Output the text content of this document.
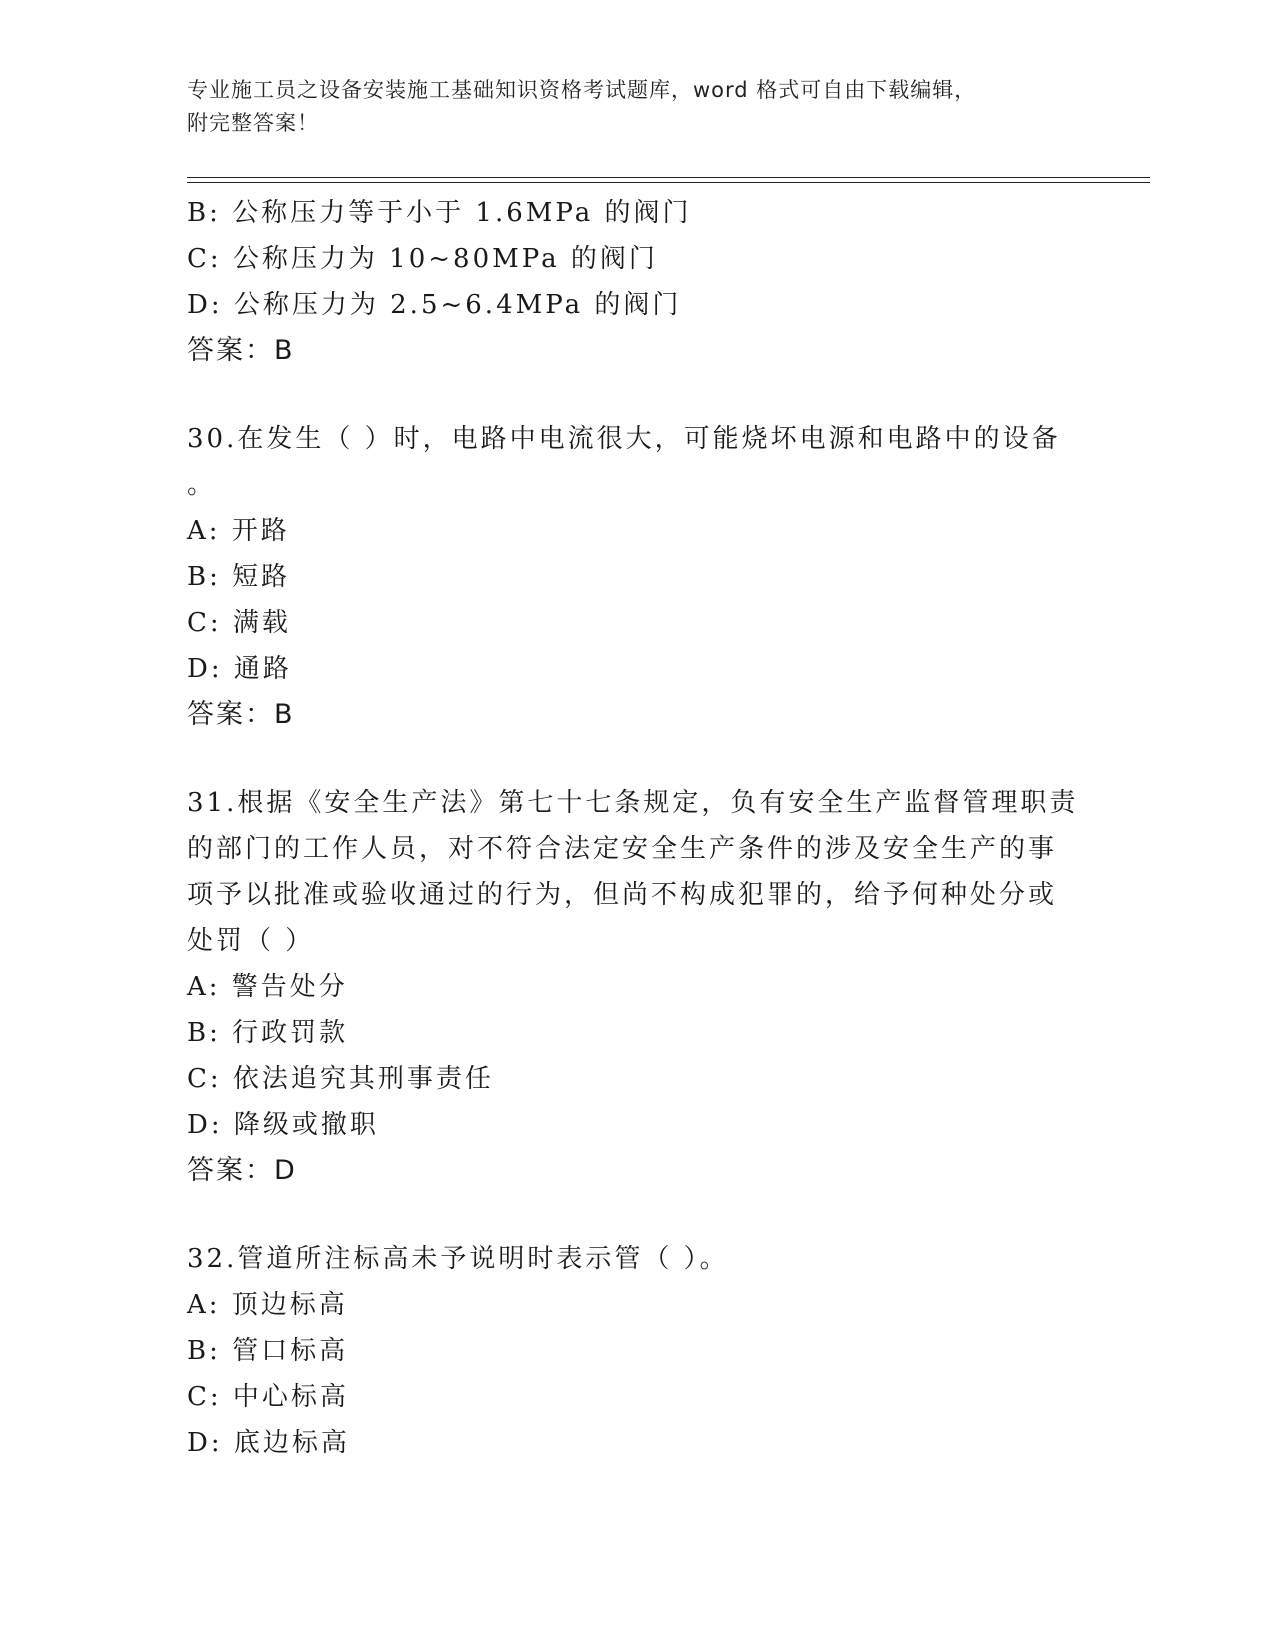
专业施工员之设备安装施工基础知识资格考试题库，word 格式可自由下载编辑，
附完整答案！
B: 公称压力等于小于 1.6MPa 的阀门
C: 公称压力为 10~80MPa 的阀门
D: 公称压力为 2.5~6.4MPa 的阀门
答案：B
30.在发生（ ）时，电路中电流很大，可能烧坏电源和电路中的设备
。
A: 开路
B: 短路
C: 满载
D: 通路
答案：B
31.根据《安全生产法》第七十七条规定，负有安全生产监督管理职责
的部门的工作人员，对不符合法定安全生产条件的涉及安全生产的事
项予以批准或验收通过的行为，但尚不构成犯罪的，给予何种处分或
处罚（ ）
A: 警告处分
B: 行政罚款
C: 依法追究其刑事责任
D: 降级或撤职
答案：D
32.管道所注标高未予说明时表示管（ ）。
A: 顶边标高
B: 管口标高
C: 中心标高
D: 底边标高
